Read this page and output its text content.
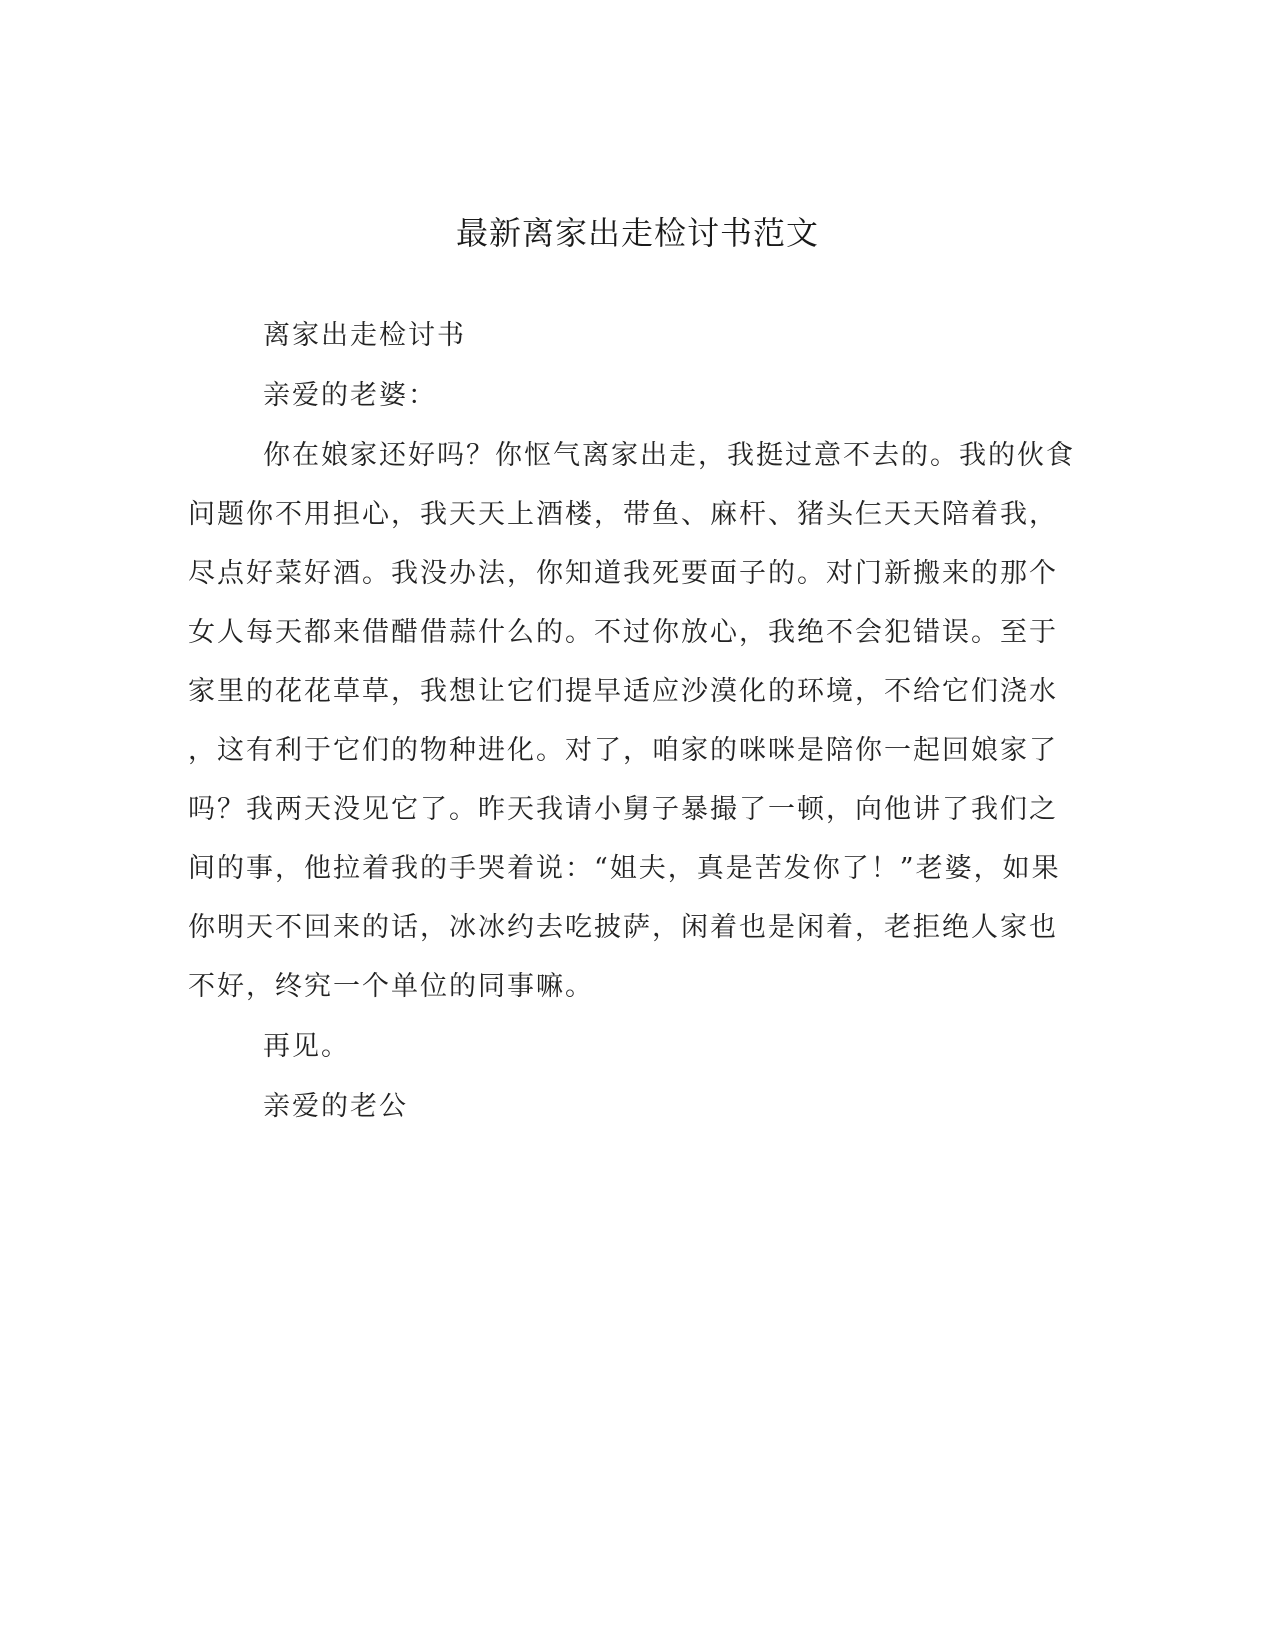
最新离家出走检讨书范文
离家出走检讨书
亲爱的老婆：
你在娘家还好吗？你怄气离家出走，我挺过意不去的。我的伙食
问题你不用担心，我天天上酒楼，带鱼、麻杆、猪头仨天天陪着我，
尽点好菜好酒。我没办法，你知道我死要面子的。对门新搬来的那个
女人每天都来借醋借蒜什么的。不过你放心，我绝不会犯错误。至于
家里的花花草草，我想让它们提早适应沙漠化的环境，不给它们浇水
，这有利于它们的物种进化。对了，咱家的咪咪是陪你一起回娘家了
吗？我两天没见它了。昨天我请小舅子暴撮了一顿，向他讲了我们之
间的事，他拉着我的手哭着说：“姐夫，真是苦发你了！”老婆，如果
你明天不回来的话，冰冰约去吃披萨，闲着也是闲着，老拒绝人家也
不好，终究一个单位的同事嘛。
再见。
亲爱的老公
